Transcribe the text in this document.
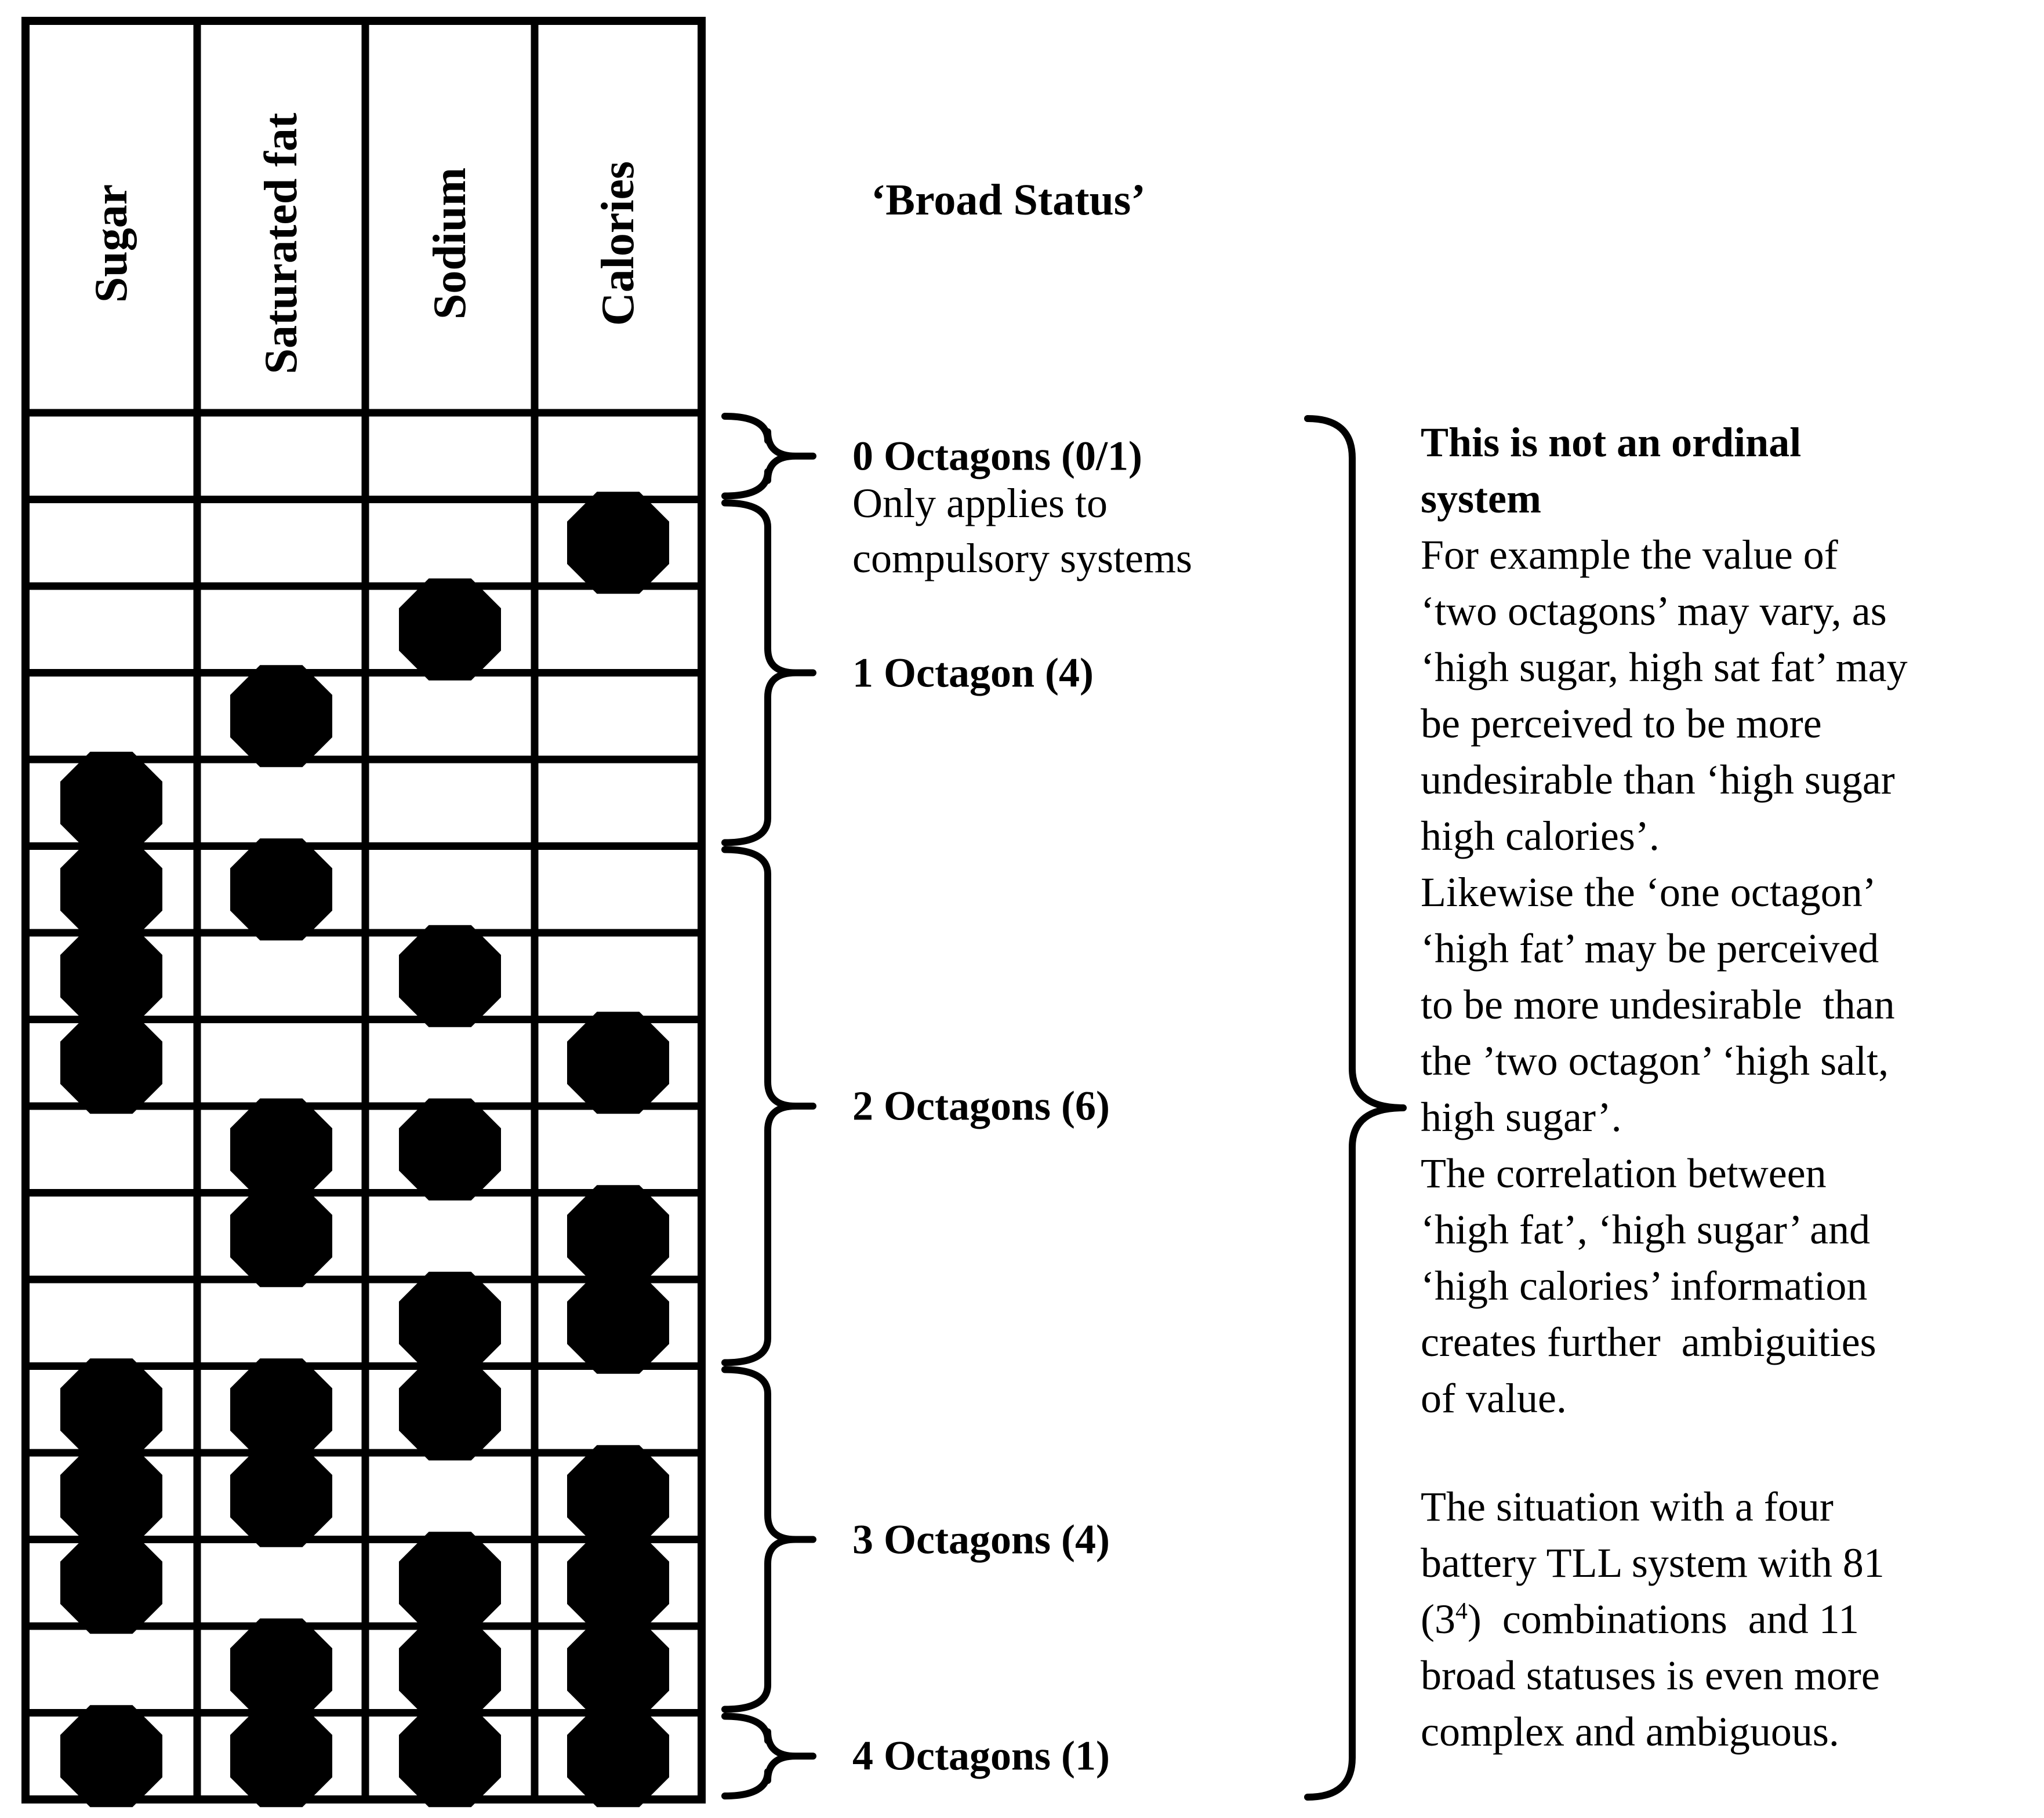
Sugar	Saturated fat	Sodium	Calories	‘Broad Status’
0 Octagons (0/1)
Only applies to
compulsory systems
1 Octagon (4)
2 Octagons (6)
3 Octagons (4)
4 Octagons (1)
This is not an ordinal
system
For example the value of
‘two octagons’ may vary, as
‘high sugar, high sat fat’ may
be perceived to be more
undesirable than ‘high sugar
high calories’.
Likewise the ‘one octagon’
‘high fat’ may be perceived
to be more undesirable  than
the ’two octagon’ ‘high salt,
high sugar’.
The correlation between
‘high fat’, ‘high sugar’ and
‘high calories’ information
creates further  ambiguities
of value.
The situation with a four
battery TLL system with 81
$(3^4)$  combinations  and 11
broad statuses is even more
complex and ambiguous.
